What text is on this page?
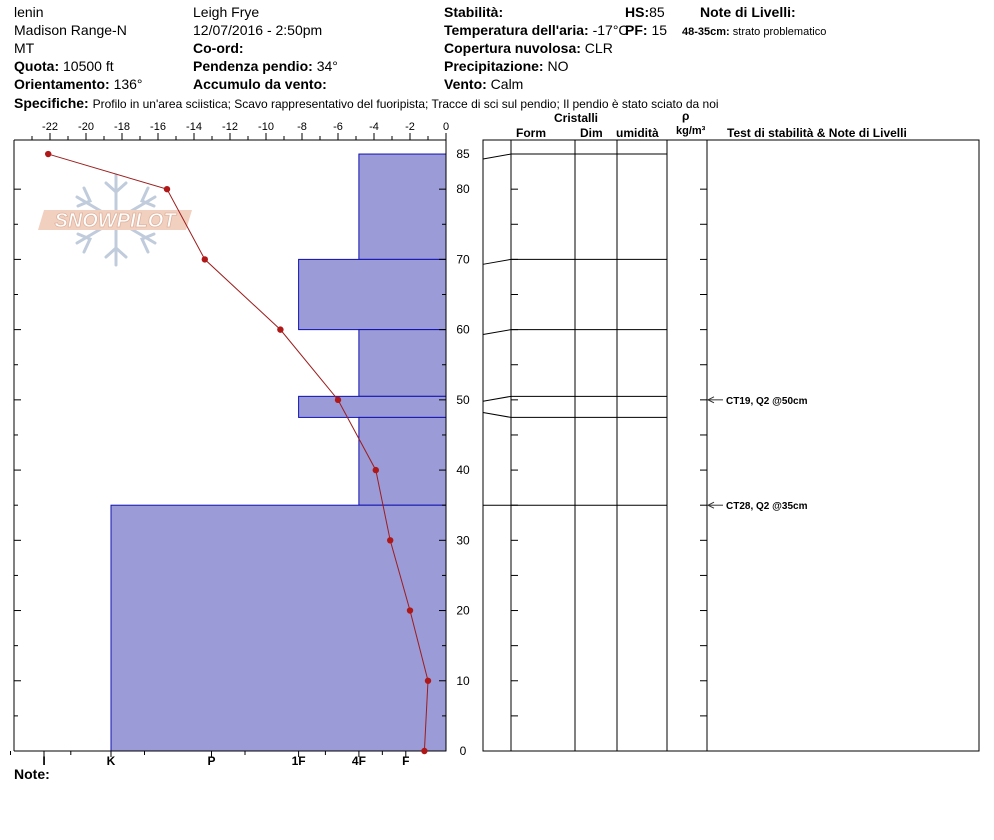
lenin
Madison Range-N
MT
Quota: 10500 ft
Orientamento: 136°
Leigh Frye
12/07/2016 - 2:50pm
Co-ord:
Pendenza pendio: 34°
Accumulo da vento:
Stabilità:
Temperatura dell'aria: -17°C
Copertura nuvolosa: CLR
Precipitazione: NO
Vento: Calm
HS:85
PF: 15
Note di Livelli:
48-35cm: strato problematico
Specifiche: Profilo in un'area sciistica; Scavo rappresentativo del fuoripista; Tracce di sci sul pendio; Il pendio è stato sciato da noi
Note:
Cristalli
Form	Dim umidità
ρ
kg/m³ Test di stabilità & Note di Livelli
SNOWPILOT
-22 -20 -18 -16 -14 -12 -10 -8 -6 -4 -2	0
0
10
20
30
40
50
60
70
80
85
I	K	P	1F	4F	F
CT19, Q2 @50cm
CT28, Q2 @35cm
